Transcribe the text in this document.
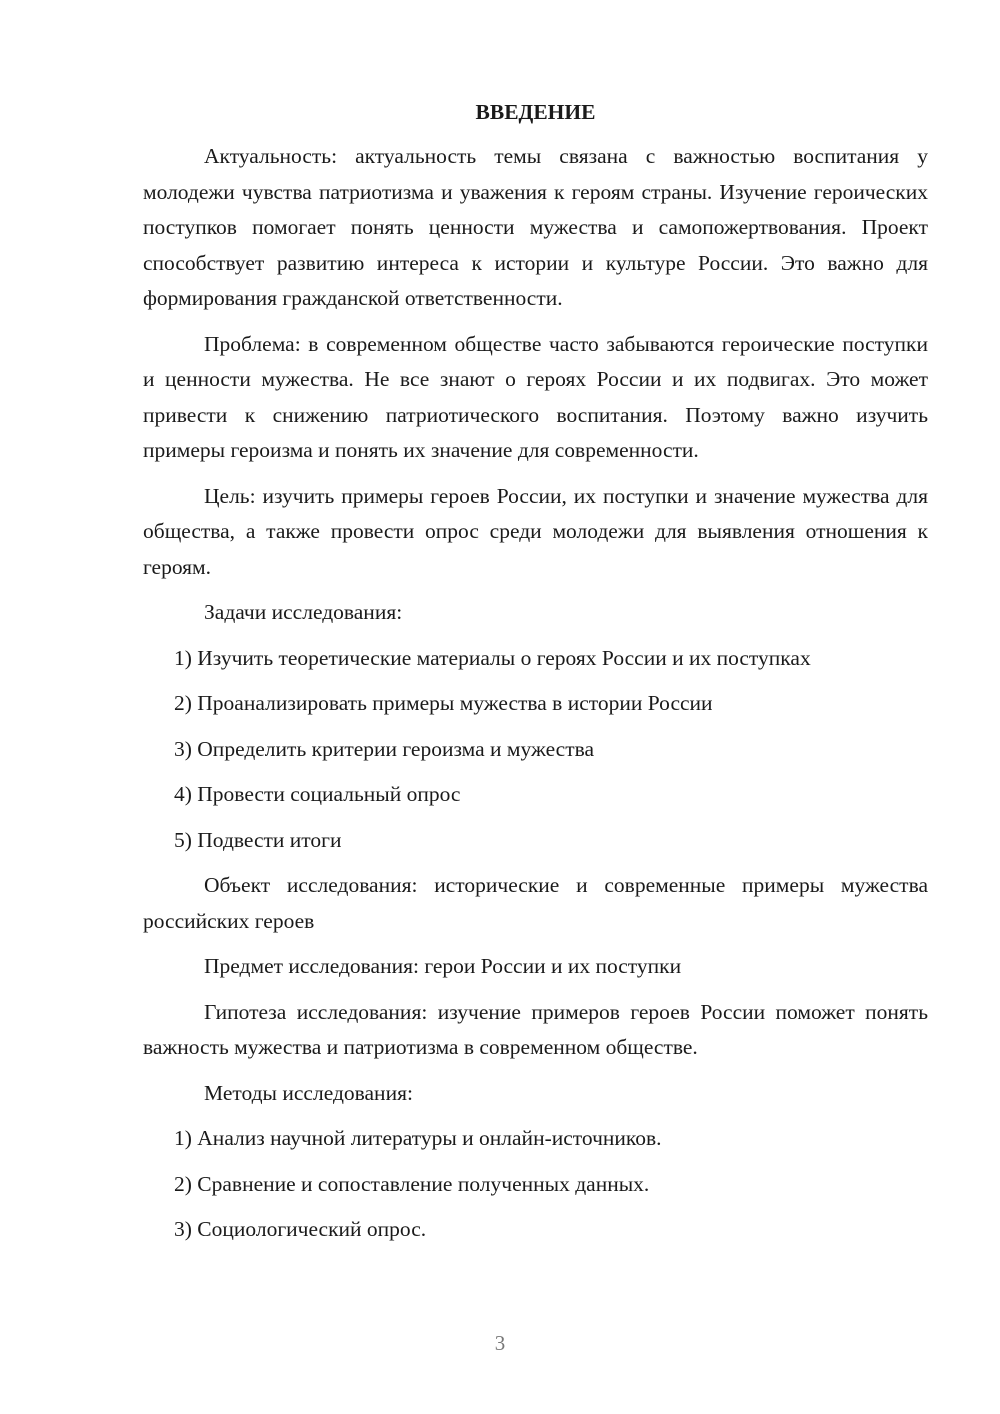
ВВЕДЕНИЕ

Актуальность: актуальность темы связана с важностью воспитания у молодежи чувства патриотизма и уважения к героям страны. Изучение героических поступков помогает понять ценности мужества и самопожертвования. Проект способствует развитию интереса к истории и культуре России. Это важно для формирования гражданской ответственности.

Проблема: в современном обществе часто забываются героические поступки и ценности мужества. Не все знают о героях России и их подвигах. Это может привести к снижению патриотического воспитания. Поэтому важно изучить примеры героизма и понять их значение для современности.

Цель: изучить примеры героев России, их поступки и значение мужества для общества, а также провести опрос среди молодежи для выявления отношения к героям.

Задачи исследования:

1) Изучить теоретические материалы о героях России и их поступках

2) Проанализировать примеры мужества в истории России

3) Определить критерии героизма и мужества

4) Провести социальный опрос

5) Подвести итоги

Объект исследования: исторические и современные примеры мужества российских героев

Предмет исследования: герои России и их поступки

Гипотеза исследования: изучение примеров героев России поможет понять важность мужества и патриотизма в современном обществе.

Методы исследования:

1) Анализ научной литературы и онлайн-источников.

2) Сравнение и сопоставление полученных данных.

3) Социологический опрос.

3
